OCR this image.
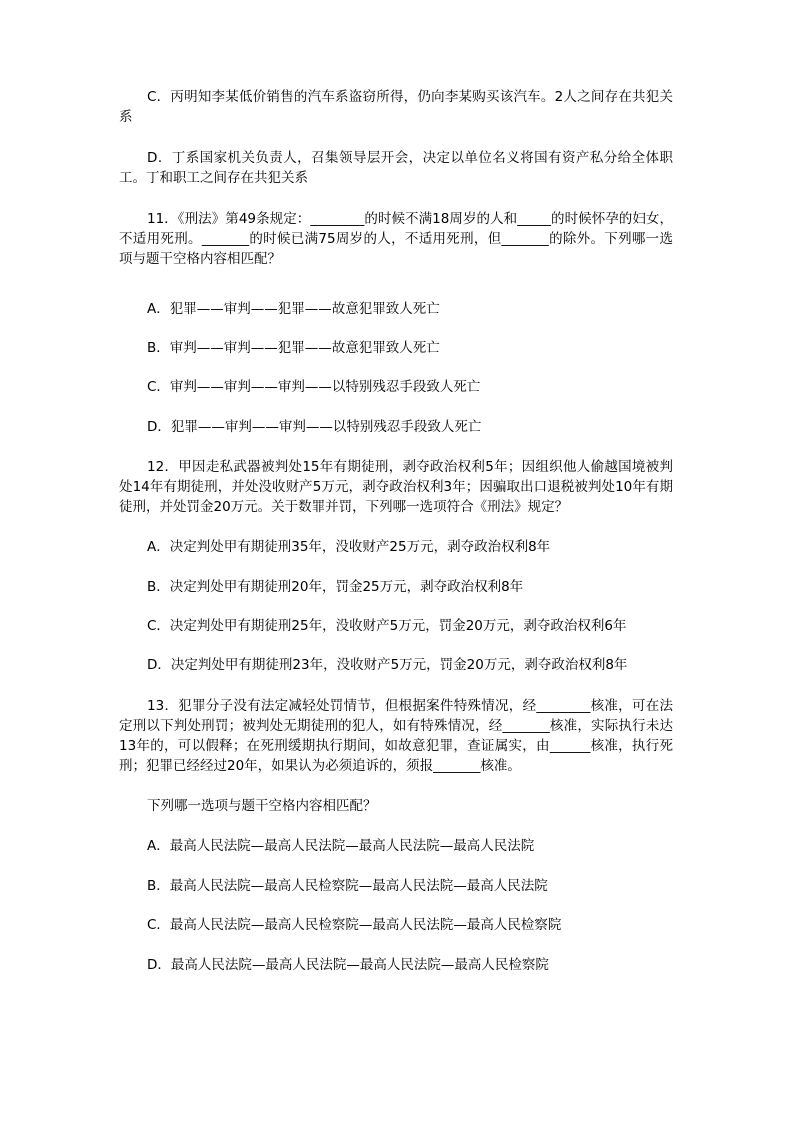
C．丙明知李某低价销售的汽车系盗窃所得，仍向李某购买该汽车。2人之间存在共犯关系

D．丁系国家机关负责人，召集领导层开会，决定以单位名义将国有资产私分给全体职工。丁和职工之间存在共犯关系

11．《刑法》第49条规定：________的时候不满18周岁的人和_____的时候怀孕的妇女，不适用死刑。_______的时候已满75周岁的人，不适用死刑，但_______的除外。下列哪一选项与题干空格内容相匹配？

A．犯罪——审判——犯罪——故意犯罪致人死亡
B．审判——审判——犯罪——故意犯罪致人死亡
C．审判——审判——审判——以特别残忍手段致人死亡
D．犯罪——审判——审判——以特别残忍手段致人死亡

12．甲因走私武器被判处15年有期徒刑，剥夺政治权利5年；因组织他人偷越国境被判处14年有期徒刑，并处没收财产5万元，剥夺政治权利3年；因骗取出口退税被判处10年有期徒刑，并处罚金20万元。关于数罪并罚，下列哪一选项符合《刑法》规定？

A．决定判处甲有期徒刑35年，没收财产25万元，剥夺政治权利8年
B．决定判处甲有期徒刑20年，罚金25万元，剥夺政治权利8年
C．决定判处甲有期徒刑25年，没收财产5万元，罚金20万元，剥夺政治权利6年
D．决定判处甲有期徒刑23年，没收财产5万元，罚金20万元，剥夺政治权利8年

13．犯罪分子没有法定减轻处罚情节，但根据案件特殊情况，经________核准，可在法定刑以下判处刑罚；被判处无期徒刑的犯人，如有特殊情况，经_______核准，实际执行未达13年的，可以假释；在死刑缓期执行期间，如故意犯罪，查证属实，由______核准，执行死刑；犯罪已经经过20年，如果认为必须追诉的，须报_______核准。

下列哪一选项与题干空格内容相匹配？
A．最高人民法院—最高人民法院—最高人民法院—最高人民法院
B．最高人民法院—最高人民检察院—最高人民法院—最高人民法院
C．最高人民法院—最高人民检察院—最高人民法院—最高人民检察院
D．最高人民法院—最高人民法院—最高人民法院—最高人民检察院
